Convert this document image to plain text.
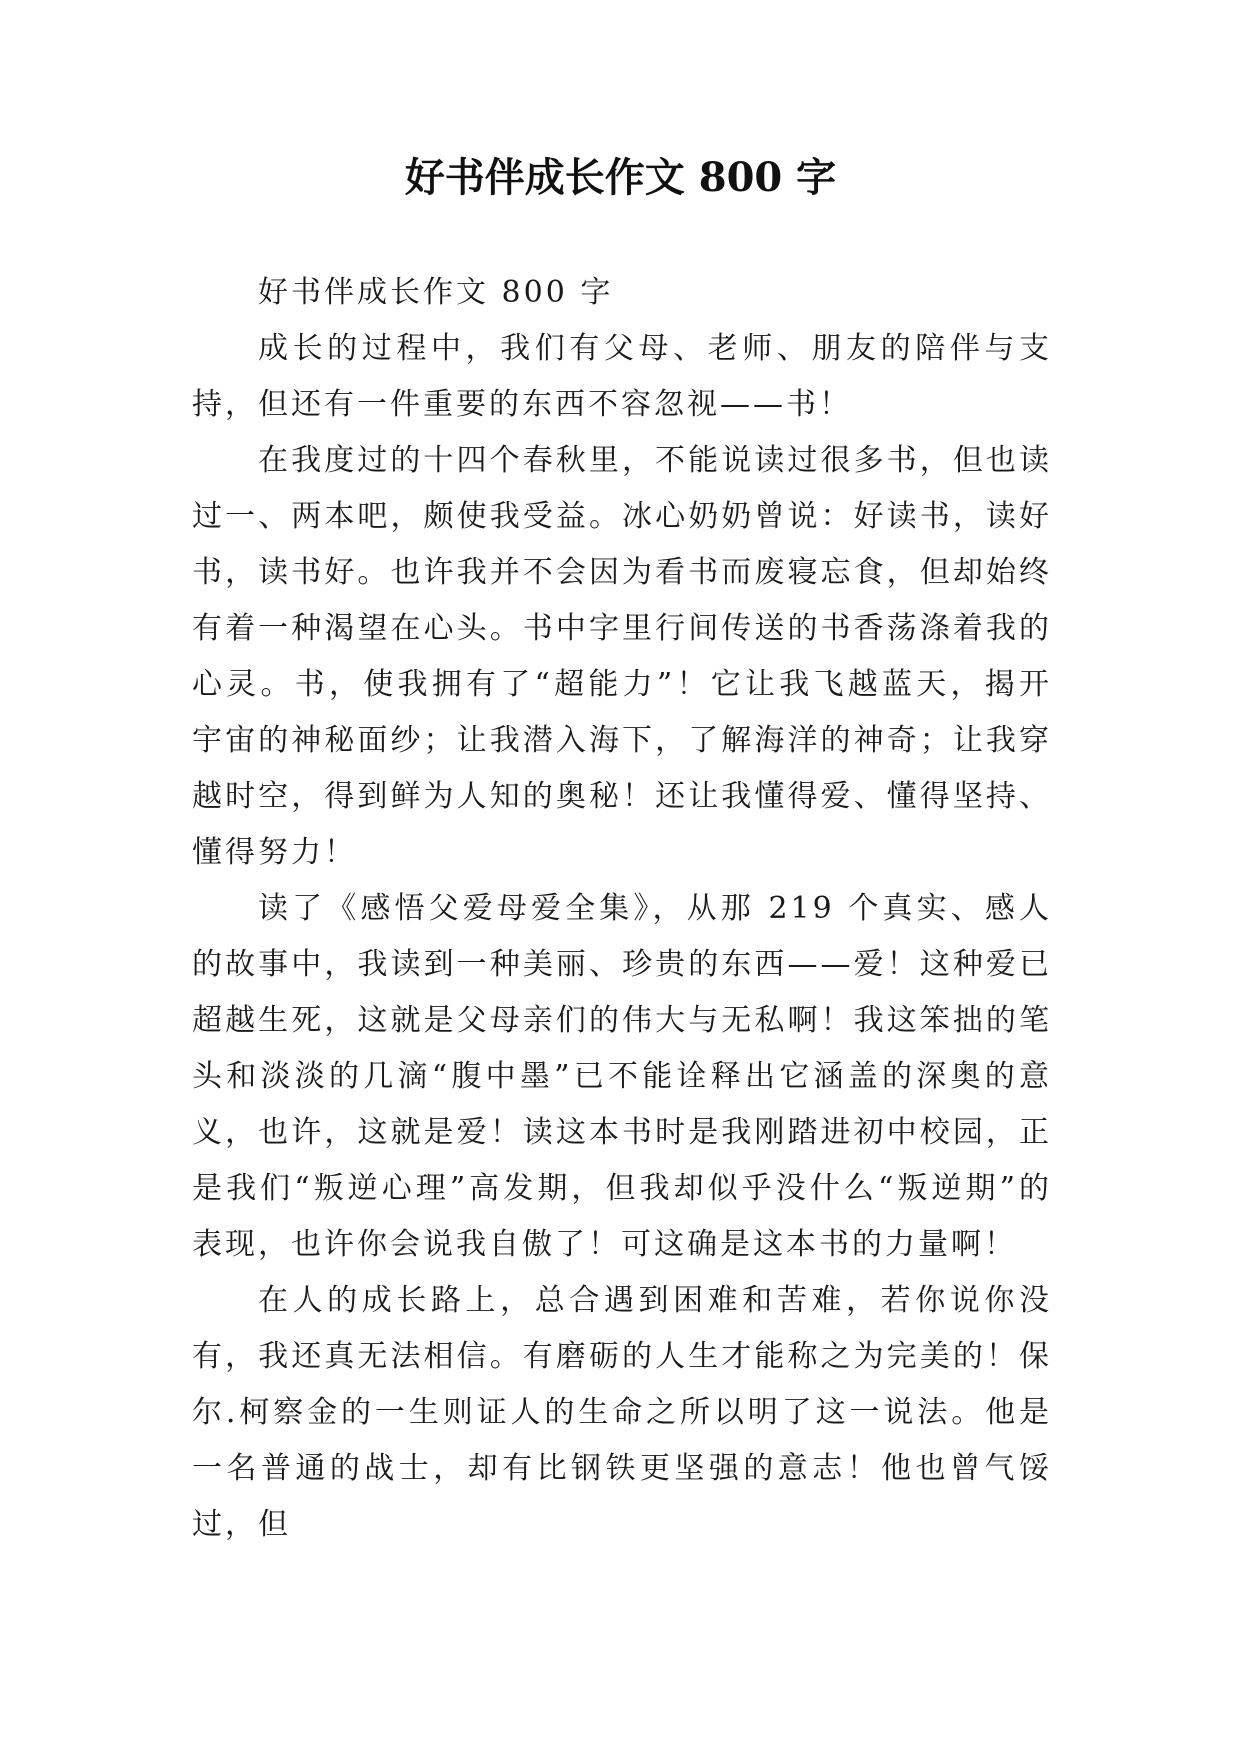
好书伴成长作文 800 字

好书伴成长作文 800 字

成长的过程中，我们有父母、老师、朋友的陪伴与支持，但还有一件重要的东西不容忽视——书！

在我度过的十四个春秋里，不能说读过很多书，但也读过一、两本吧，颇使我受益。冰心奶奶曾说：好读书，读好书，读书好。也许我并不会因为看书而废寝忘食，但却始终有着一种渴望在心头。书中字里行间传送的书香荡涤着我的心灵。书，使我拥有了“超能力”！它让我飞越蓝天，揭开宇宙的神秘面纱；让我潜入海下，了解海洋的神奇；让我穿越时空，得到鲜为人知的奥秘！还让我懂得爱、懂得坚持、懂得努力！

读了《感悟父爱母爱全集》，从那 219 个真实、感人的故事中，我读到一种美丽、珍贵的东西——爱！这种爱已超越生死，这就是父母亲们的伟大与无私啊！我这笨拙的笔头和淡淡的几滴“腹中墨”已不能诠释出它涵盖的深奥的意义，也许，这就是爱！读这本书时是我刚踏进初中校园，正是我们“叛逆心理”高发期，但我却似乎没什么“叛逆期”的表现，也许你会说我自傲了！可这确是这本书的力量啊！

在人的成长路上，总合遇到困难和苦难，若你说你没有，我还真无法相信。有磨砺的人生才能称之为完美的！保尔.柯察金的一生则证人的生命之所以明了这一说法。他是一名普通的战士，却有比钢铁更坚强的意志！他也曾气馁过，但
